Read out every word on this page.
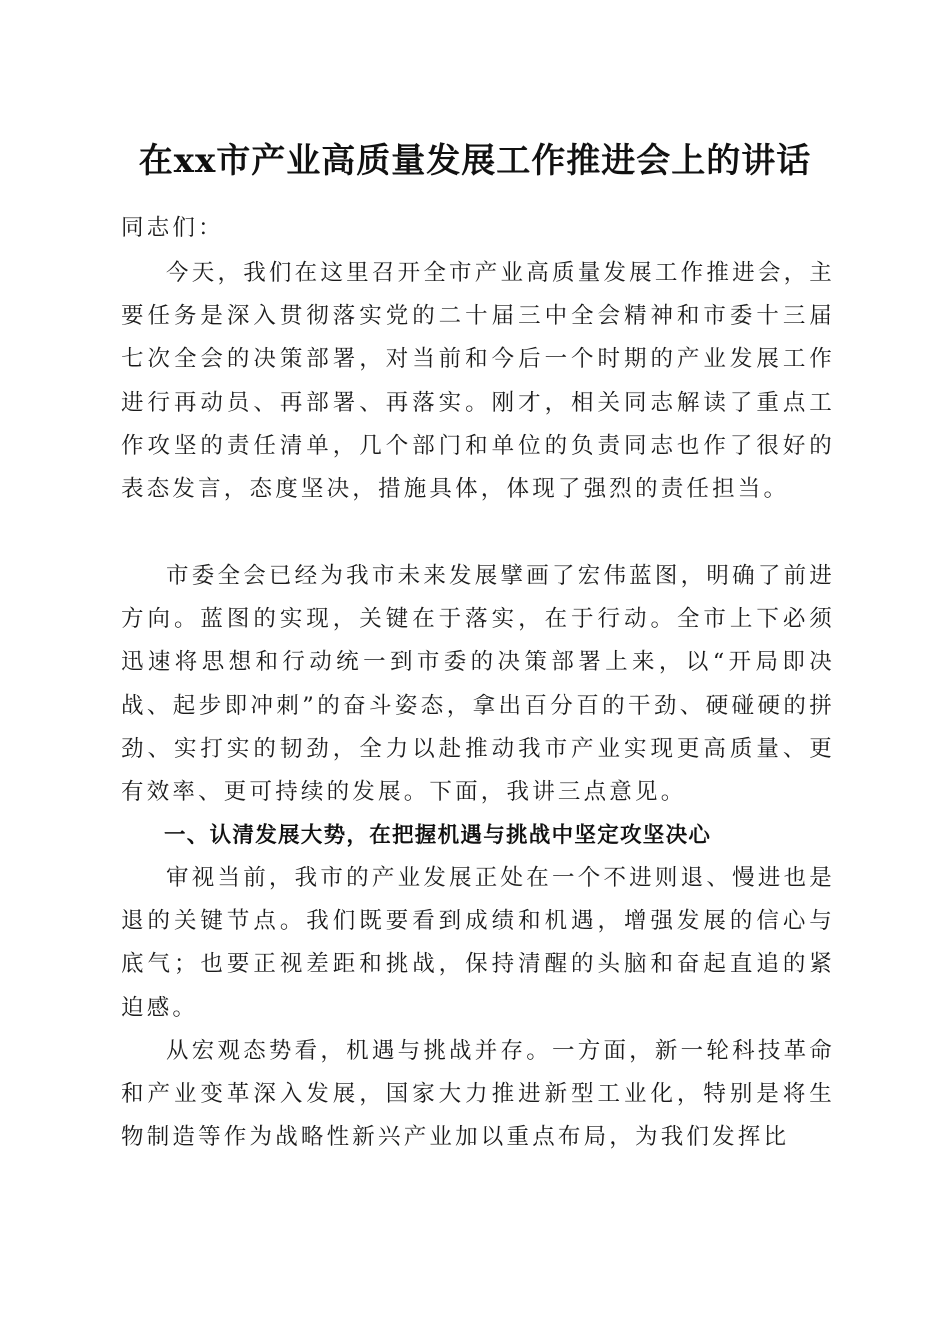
在xx市产业高质量发展工作推进会上的讲话
同志们：

今天，我们在这里召开全市产业高质量发展工作推进会，主要任务是深入贯彻落实党的二十届三中全会精神和市委十三届七次全会的决策部署，对当前和今后一个时期的产业发展工作进行再动员、再部署、再落实。刚才，相关同志解读了重点工作攻坚的责任清单，几个部门和单位的负责同志也作了很好的表态发言，态度坚决，措施具体，体现了强烈的责任担当。

市委全会已经为我市未来发展擘画了宏伟蓝图，明确了前进方向。蓝图的实现，关键在于落实，在于行动。全市上下必须迅速将思想和行动统一到市委的决策部署上来，以“开局即决战、起步即冲刺”的奋斗姿态，拿出百分百的干劲、硬碰硬的拼劲、实打实的韧劲，全力以赴推动我市产业实现更高质量、更有效率、更可持续的发展。下面，我讲三点意见。

一、认清发展大势，在把握机遇与挑战中坚定攻坚决心

审视当前，我市的产业发展正处在一个不进则退、慢进也是退的关键节点。我们既要看到成绩和机遇，增强发展的信心与底气；也要正视差距和挑战，保持清醒的头脑和奋起直追的紧迫感。

从宏观态势看，机遇与挑战并存。一方面，新一轮科技革命和产业变革深入发展，国家大力推进新型工业化，特别是将生物制造等作为战略性新兴产业加以重点布局，为我们发挥比
